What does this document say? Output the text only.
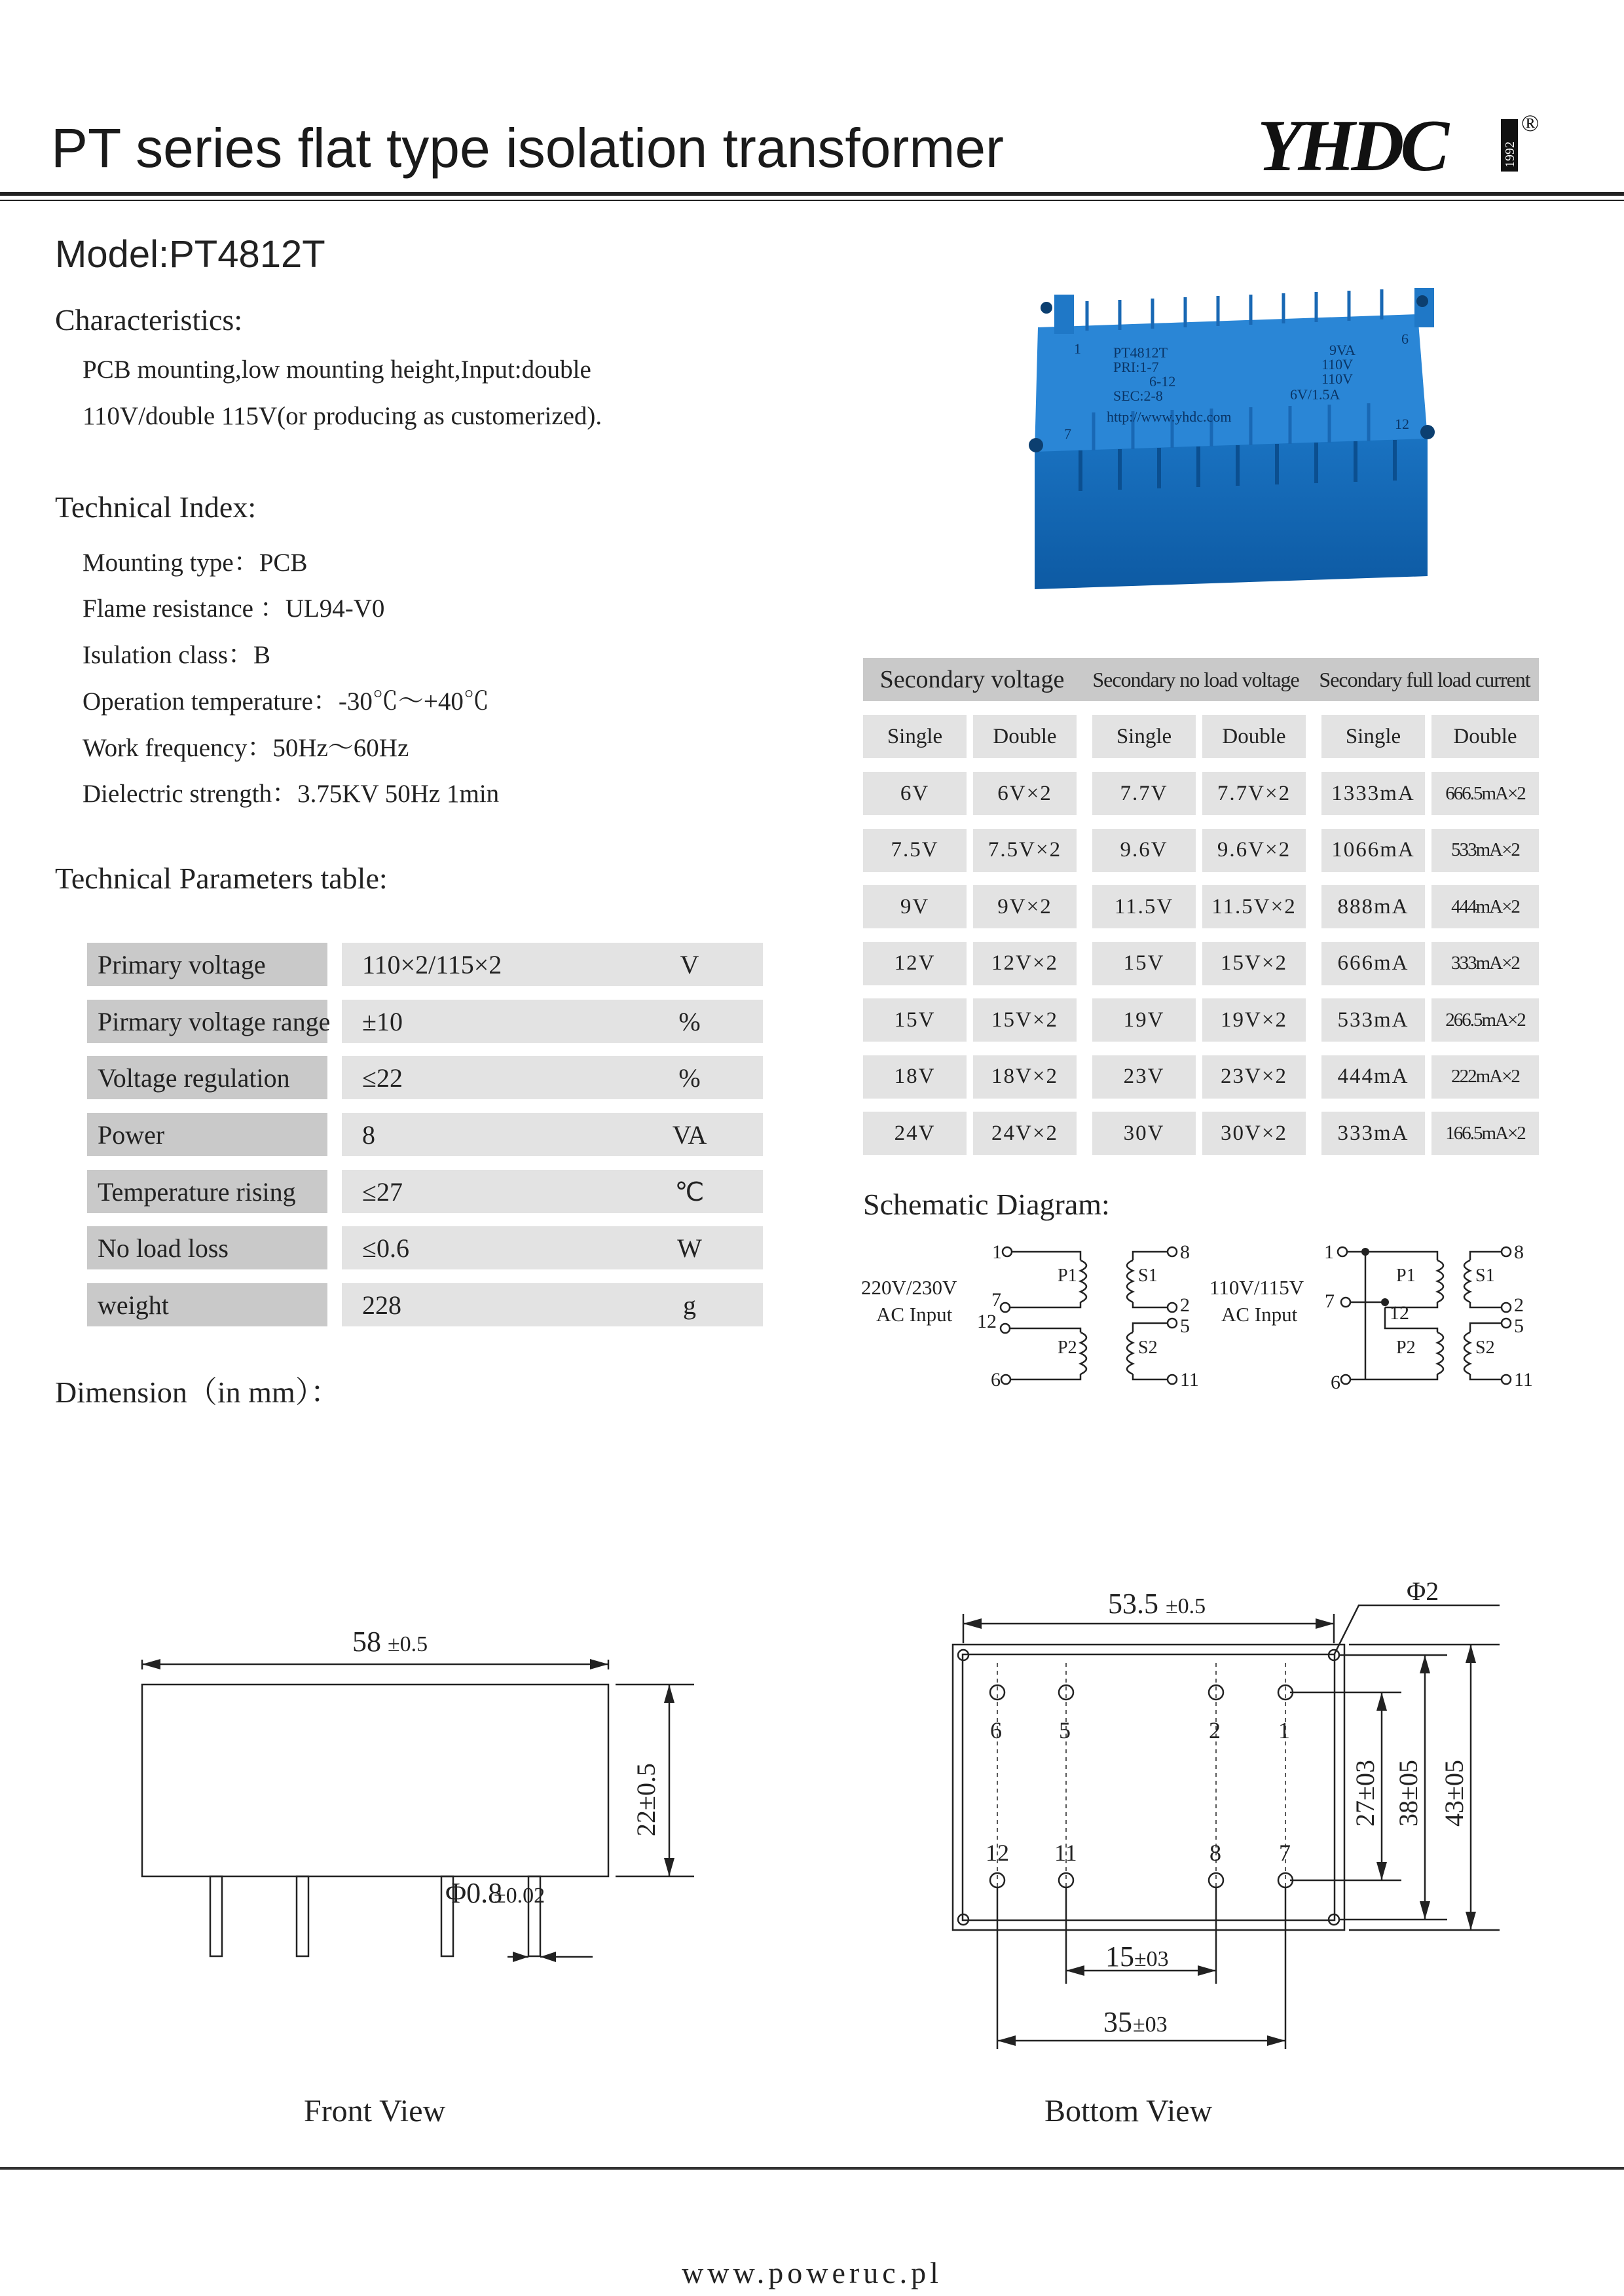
PT series flat type isolation transformer	YHDC	1992
®
Model:PT4812T
Characteristics:
PCB mounting,low mounting height,Input:double
110V/double 115V(or producing as customerized).
Technical Index:
Mounting type：PCB
Flame resistance ：UL94-V0
Isulation class：B
Operation temperature：-30℃～+40℃
Work frequency：50Hz～60Hz
Dielectric strength：3.75KV 50Hz 1min
1
6
7
12
PT4812T
PRI:1-7
6-12
SEC:2-8
http://www.yhdc.com
9VA
110V
110V
6V/1.5A
Technical Parameters table:
Primary voltage	110×2/115×2	V
Pirmary voltage range ±10	%
Voltage regulation	≤22	%
Power	8	VA
Temperature rising	≤27	℃
No load loss	≤0.6	W
weight	228	g
Secondary voltage	Secondary no load voltage Secondary full load current
Single	Double	Single	Double	Single	Double
6V	6V×2	7.7V	7.7V×2	1333mA	666.5mA×2
7.5V	7.5V×2	9.6V	9.6V×2	1066mA	533mA×2
9V	9V×2	11.5V	11.5V×2	888mA	444mA×2
12V	12V×2	15V	15V×2	666mA	333mA×2
15V	15V×2	19V	19V×2	533mA	266.5mA×2
18V	18V×2	23V	23V×2	444mA	222mA×2
24V	24V×2	30V	30V×2	333mA	166.5mA×2
Schematic Diagram:
1
7
12
6
8
2
5
11
P1
P2
S1
S2
220V/230V
AC Input
1
7
12
6
8
2
5
11
P1
P2
S1
S2
110V/115V
AC Input
Dimension（in mm）：
58 ±0.5
22±0.5
Φ0.8
±0.02
Front View
53.5 ±0.5
Φ2
27±03 38±05 43±05
15 ±03
35 ±03
6 5	2 1
12 11	8 7
Bottom View
www.poweruc.pl
